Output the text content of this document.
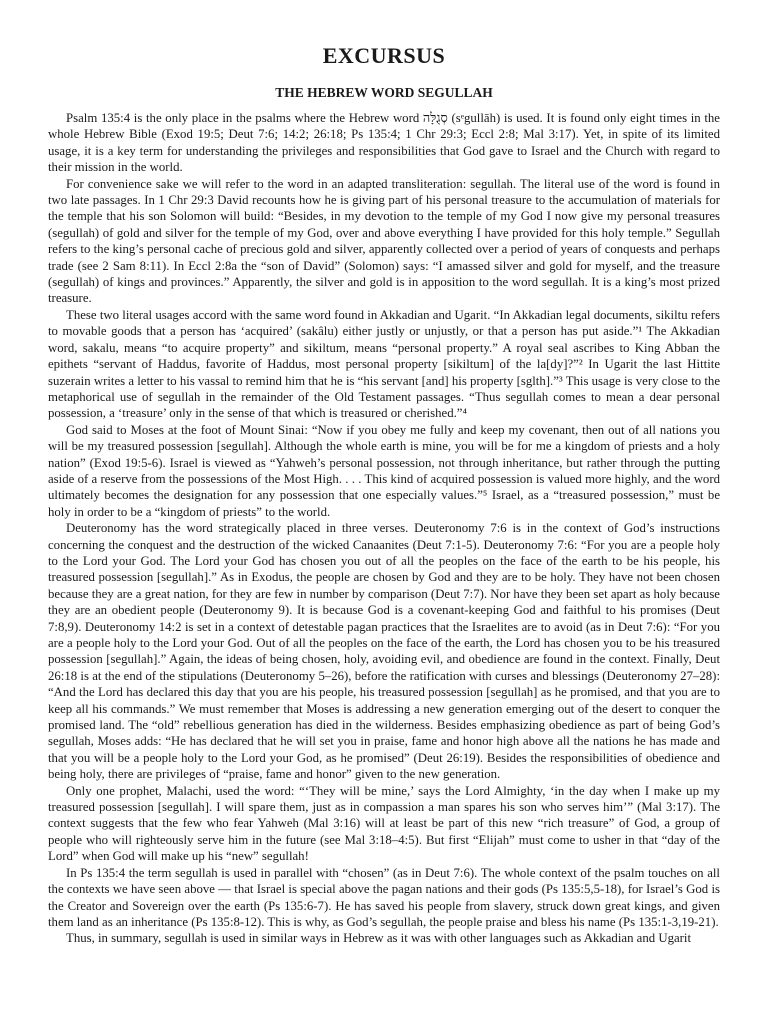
EXCURSUS
THE HEBREW WORD SEGULLAH

Psalm 135:4 is the only place in the psalms where the Hebrew word סְגֻלָּה (sᵉgullāh) is used. It is found only eight times in the whole Hebrew Bible (Exod 19:5; Deut 7:6; 14:2; 26:18; Ps 135:4; 1 Chr 29:3; Eccl 2:8; Mal 3:17). Yet, in spite of its limited usage, it is a key term for understanding the privileges and responsibilities that God gave to Israel and the Church with regard to their mission in the world.

For convenience sake we will refer to the word in an adapted transliteration: segullah. The literal use of the word is found in two late passages. In 1 Chr 29:3 David recounts how he is giving part of his personal treasure to the accumulation of materials for the temple that his son Solomon will build: “Besides, in my devotion to the temple of my God I now give my personal treasures (segullah) of gold and silver for the temple of my God, over and above everything I have provided for this holy temple.” Segullah refers to the king’s personal cache of precious gold and silver, apparently collected over a period of years of conquests and perhaps trade (see 2 Sam 8:11). In Eccl 2:8a the “son of David” (Solomon) says: “I amassed silver and gold for myself, and the treasure (segullah) of kings and provinces.” Apparently, the silver and gold is in apposition to the word segullah. It is a king’s most prized treasure.

These two literal usages accord with the same word found in Akkadian and Ugarit. “In Akkadian legal documents, sikiltu refers to movable goods that a person has ‘acquired’ (sakâlu) either justly or unjustly, or that a person has put aside.”¹ The Akkadian word, sakalu, means “to acquire property” and sikiltum, means “personal property.” A royal seal ascribes to King Abban the epithets “servant of Haddus, favorite of Haddus, most personal property [sikiltum] of the la[dy]?”² In Ugarit the last Hittite suzerain writes a letter to his vassal to remind him that he is “his servant [and] his property [sglth].”³ This usage is very close to the metaphorical use of segullah in the remainder of the Old Testament passages. “Thus segullah comes to mean a dear personal possession, a ‘treasure’ only in the sense of that which is treasured or cherished.”⁴

God said to Moses at the foot of Mount Sinai: “Now if you obey me fully and keep my covenant, then out of all nations you will be my treasured possession [segullah]. Although the whole earth is mine, you will be for me a kingdom of priests and a holy nation” (Exod 19:5-6). Israel is viewed as “Yahweh’s personal possession, not through inheritance, but rather through the putting aside of a reserve from the possessions of the Most High. . . . This kind of acquired possession is valued more highly, and the word ultimately becomes the designation for any possession that one especially values.”⁵ Israel, as a “treasured possession,” must be holy in order to be a “kingdom of priests” to the world.

Deuteronomy has the word strategically placed in three verses. Deuteronomy 7:6 is in the context of God’s instructions concerning the conquest and the destruction of the wicked Canaanites (Deut 7:1-5). Deuteronomy 7:6: “For you are a people holy to the Lord your God. The Lord your God has chosen you out of all the peoples on the face of the earth to be his people, his treasured possession [segullah].” As in Exodus, the people are chosen by God and they are to be holy. They have not been chosen because they are a great nation, for they are few in number by comparison (Deut 7:7). Nor have they been set apart as holy because they are an obedient people (Deuteronomy 9). It is because God is a covenant-keeping God and faithful to his promises (Deut 7:8,9). Deuteronomy 14:2 is set in a context of detestable pagan practices that the Israelites are to avoid (as in Deut 7:6): “For you are a people holy to the Lord your God. Out of all the peoples on the face of the earth, the Lord has chosen you to be his treasured possession [segullah].” Again, the ideas of being chosen, holy, avoiding evil, and obedience are found in the context. Finally, Deut 26:18 is at the end of the stipulations (Deuteronomy 5–26), before the ratification with curses and blessings (Deuteronomy 27–28): “And the Lord has declared this day that you are his people, his treasured possession [segullah] as he promised, and that you are to keep all his commands.” We must remember that Moses is addressing a new generation emerging out of the desert to conquer the promised land. The “old” rebellious generation has died in the wilderness. Besides emphasizing obedience as part of being God’s segullah, Moses adds: “He has declared that he will set you in praise, fame and honor high above all the nations he has made and that you will be a people holy to the Lord your God, as he promised” (Deut 26:19). Besides the responsibilities of obedience and being holy, there are privileges of “praise, fame and honor” given to the new generation.

Only one prophet, Malachi, used the word: “‘They will be mine,’ says the Lord Almighty, ‘in the day when I make up my treasured possession [segullah]. I will spare them, just as in compassion a man spares his son who serves him’” (Mal 3:17). The context suggests that the few who fear Yahweh (Mal 3:16) will at least be part of this new “rich treasure” of God, a group of people who will righteously serve him in the future (see Mal 3:18–4:5). But first “Elijah” must come to usher in that “day of the Lord” when God will make up his “new” segullah!

In Ps 135:4 the term segullah is used in parallel with “chosen” (as in Deut 7:6). The whole context of the psalm touches on all the contexts we have seen above — that Israel is special above the pagan nations and their gods (Ps 135:5,5-18), for Israel’s God is the Creator and Sovereign over the earth (Ps 135:6-7). He has saved his people from slavery, struck down great kings, and given them land as an inheritance (Ps 135:8-12). This is why, as God’s segullah, the people praise and bless his name (Ps 135:1-3,19-21).

Thus, in summary, segullah is used in similar ways in Hebrew as it was with other languages such as Akkadian and Ugarit
